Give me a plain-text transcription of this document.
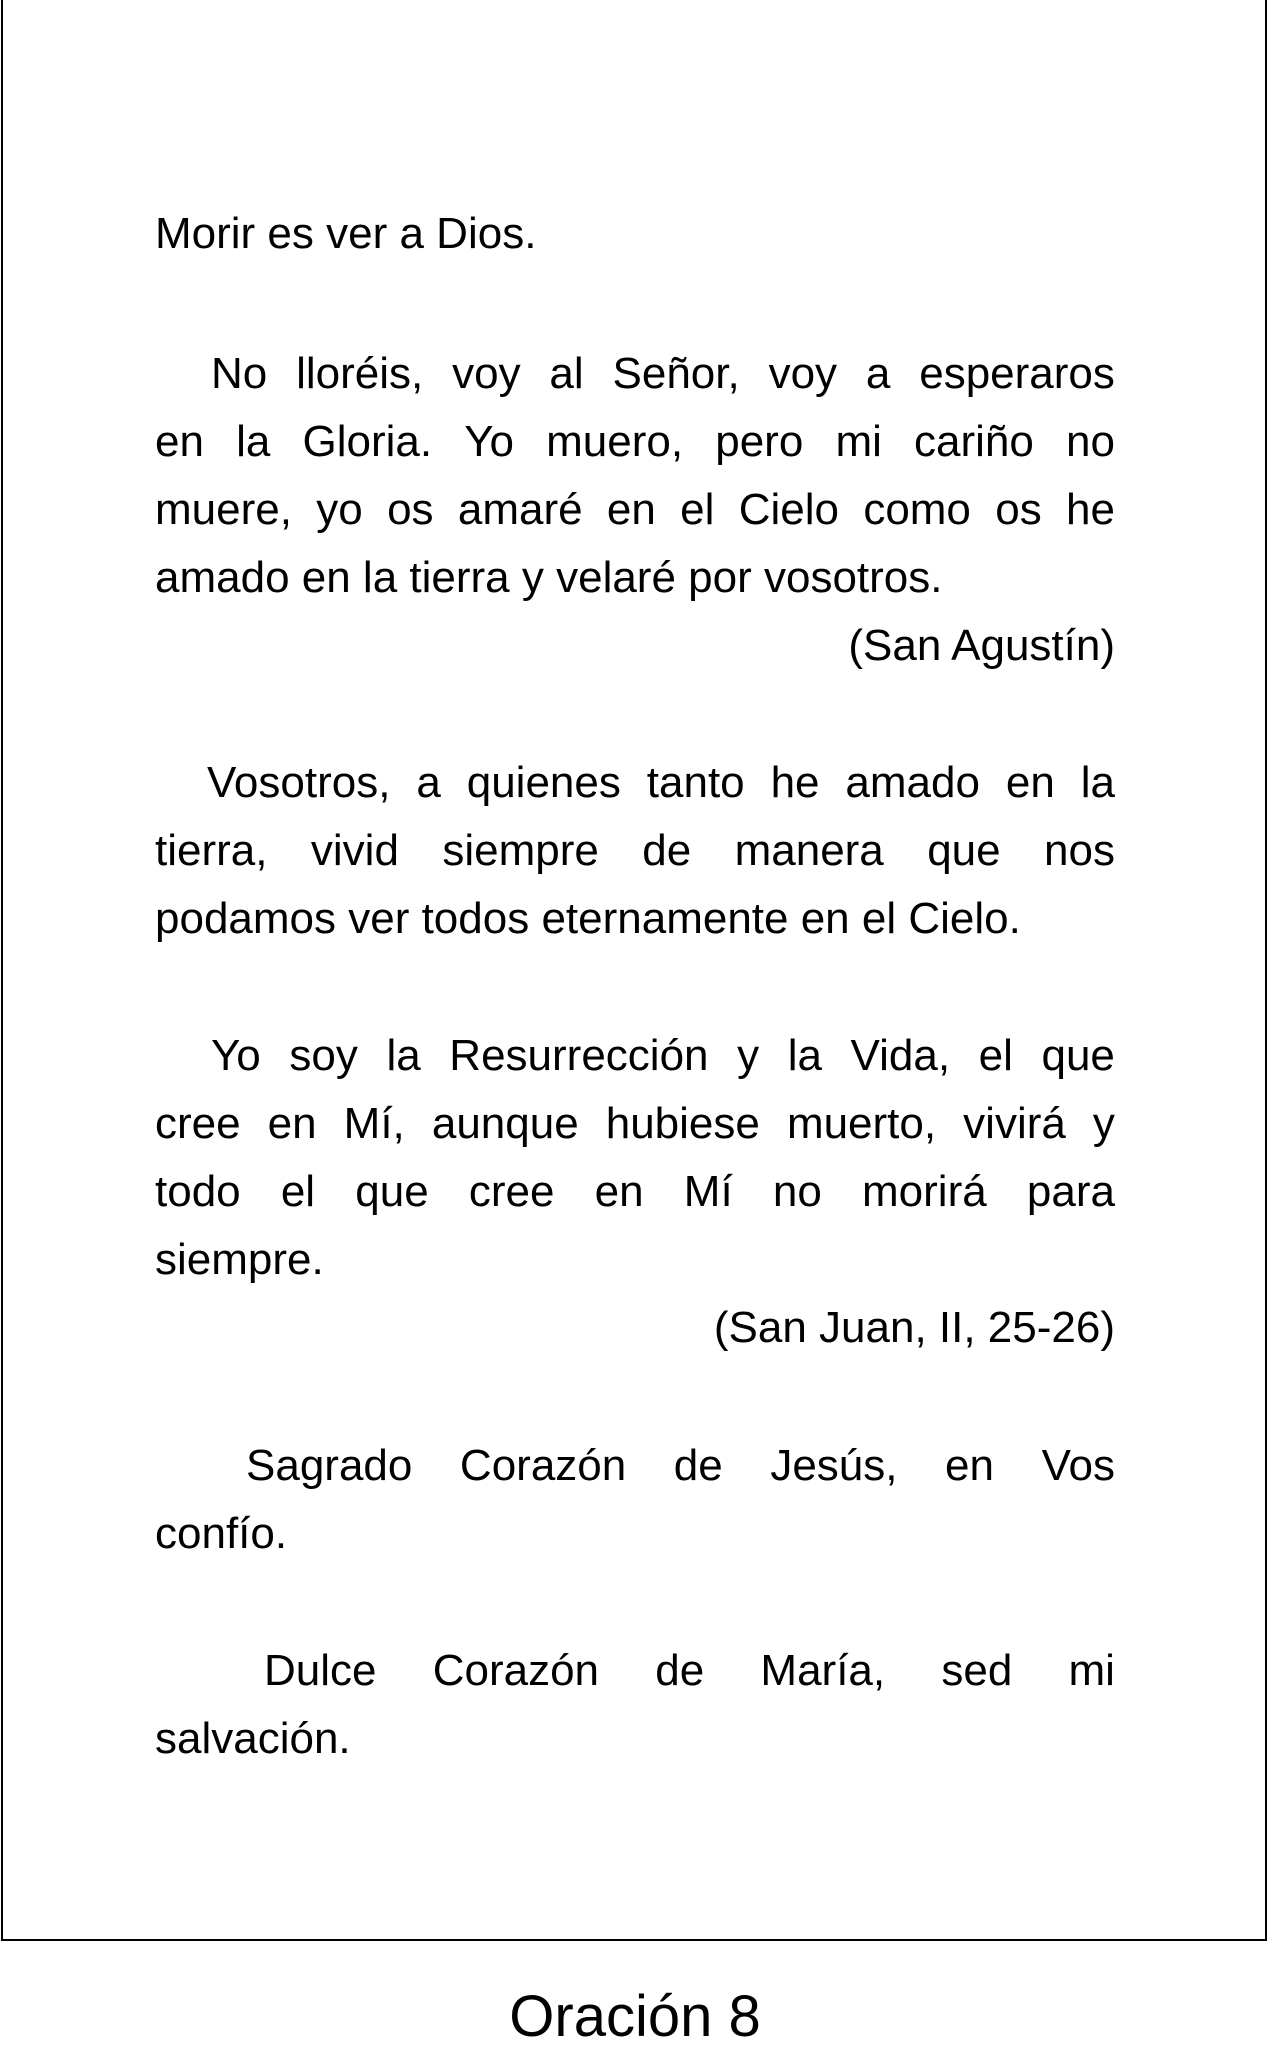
Morir es ver a Dios.
No lloréis, voy al Señor, voy a esperaros
en la Gloria. Yo muero, pero mi cariño no
muere, yo os amaré en el Cielo como os he
amado en la tierra y velaré por vosotros.
(San Agustín)
Vosotros, a quienes tanto he amado en la
tierra, vivid siempre de manera que nos
podamos ver todos eternamente en el Cielo.
Yo soy la Resurrección y la Vida, el que
cree en Mí, aunque hubiese muerto, vivirá y
todo el que cree en Mí no morirá para
siempre.
(San Juan, II, 25-26)
Sagrado Corazón de Jesús, en Vos
confío.
Dulce Corazón de María, sed mi
salvación.
Oración 8
